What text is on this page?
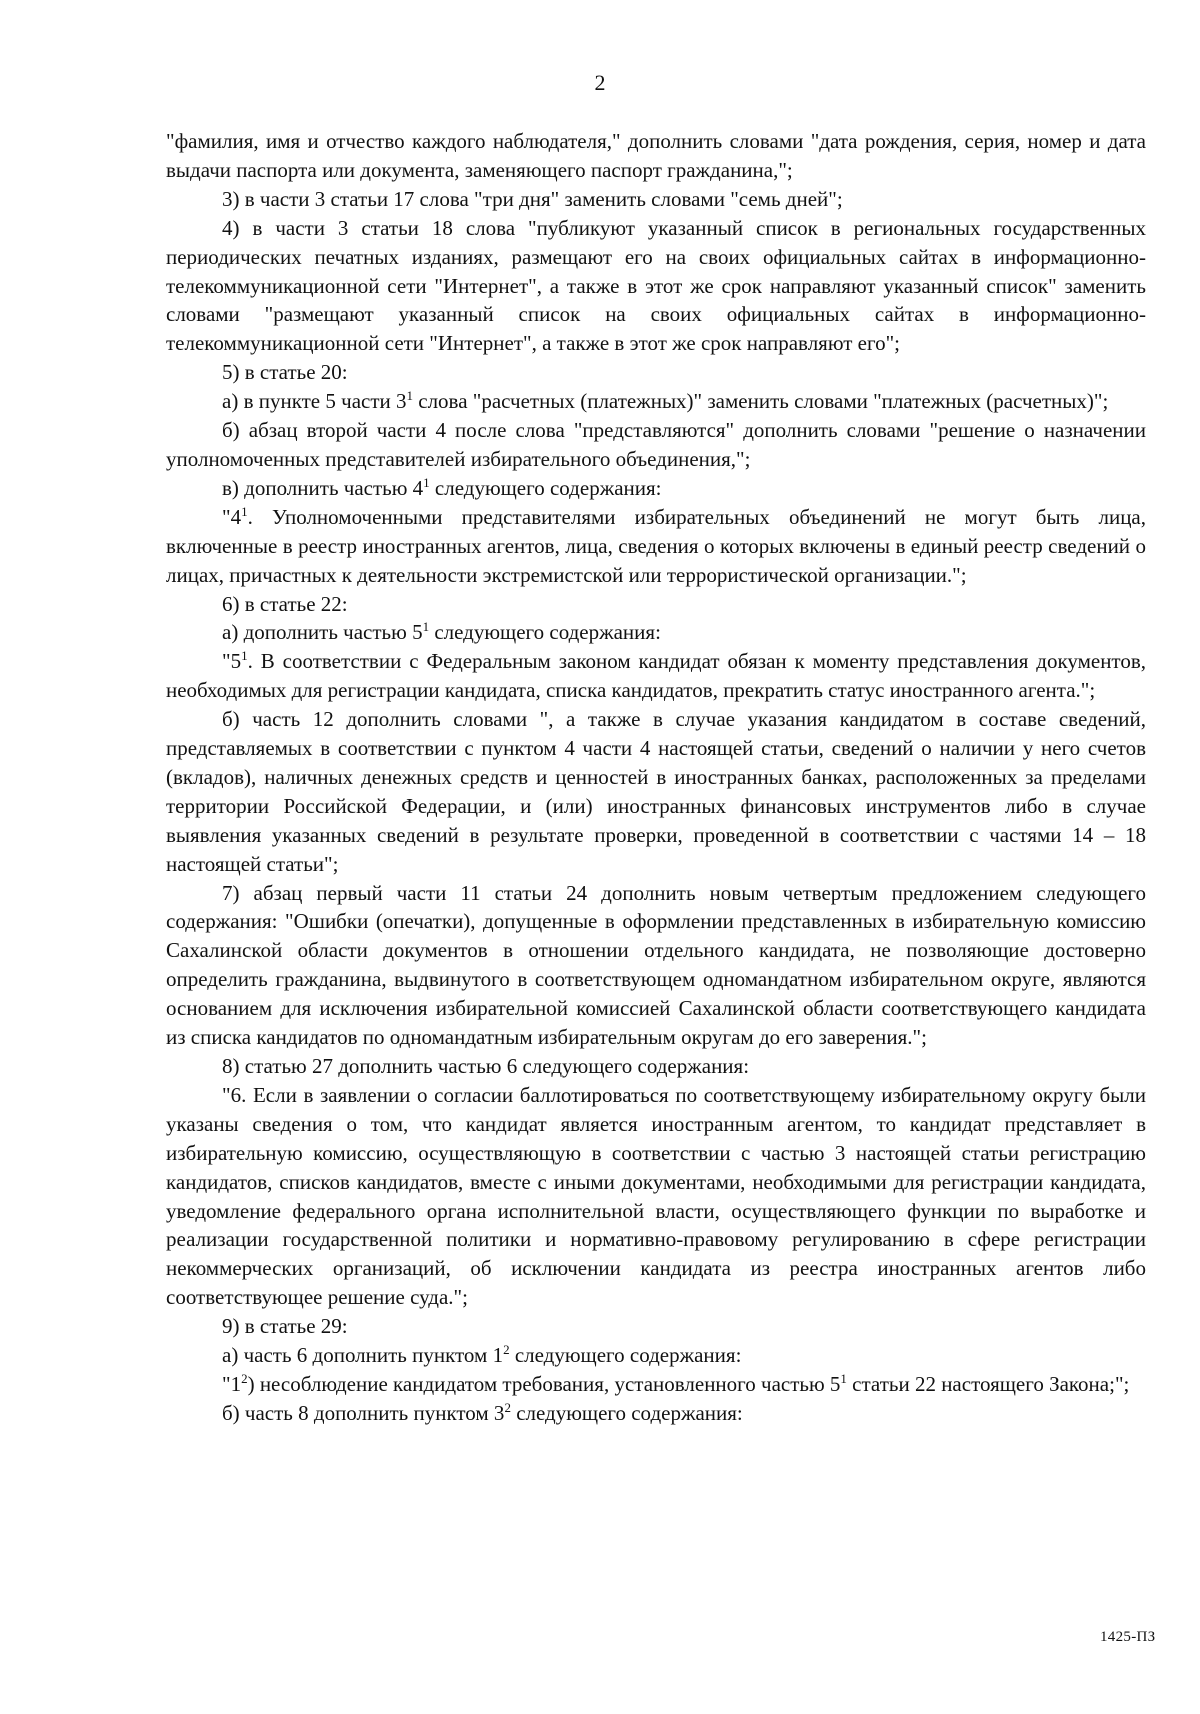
2

"фамилия, имя и отчество каждого наблюдателя," дополнить словами "дата рождения, серия, номер и дата выдачи паспорта или документа, заменяющего паспорт гражданина,";

3) в части 3 статьи 17 слова "три дня" заменить словами "семь дней";

4) в части 3 статьи 18 слова "публикуют указанный список в региональных государственных периодических печатных изданиях, размещают его на своих официальных сайтах в информационно-телекоммуникационной сети "Интернет", а также в этот же срок направляют указанный список" заменить словами "размещают указанный список на своих официальных сайтах в информационно-телекоммуникационной сети "Интернет", а также в этот же срок направляют его";

5) в статье 20:

а) в пункте 5 части $3^1$ слова "расчетных (платежных)" заменить словами "платежных (расчетных)";

б) абзац второй части 4 после слова "представляются" дополнить словами "решение о назначении уполномоченных представителей избирательного объединения,";

в) дополнить частью $4^1$ следующего содержания:

"$4^1$. Уполномоченными представителями избирательных объединений не могут быть лица, включенные в реестр иностранных агентов, лица, сведения о которых включены в единый реестр сведений о лицах, причастных к деятельности экстремистской или террористической организации.";

6) в статье 22:

а) дополнить частью $5^1$ следующего содержания:

"$5^1$. В соответствии с Федеральным законом кандидат обязан к моменту представления документов, необходимых для регистрации кандидата, списка кандидатов, прекратить статус иностранного агента.";

б) часть 12 дополнить словами ", а также в случае указания кандидатом в составе сведений, представляемых в соответствии с пунктом 4 части 4 настоящей статьи, сведений о наличии у него счетов (вкладов), наличных денежных средств и ценностей в иностранных банках, расположенных за пределами территории Российской Федерации, и (или) иностранных финансовых инструментов либо в случае выявления указанных сведений в результате проверки, проведенной в соответствии с частями 14 – 18 настоящей статьи";

7) абзац первый части 11 статьи 24 дополнить новым четвертым предложением следующего содержания: "Ошибки (опечатки), допущенные в оформлении представленных в избирательную комиссию Сахалинской области документов в отношении отдельного кандидата, не позволяющие достоверно определить гражданина, выдвинутого в соответствующем одномандатном избирательном округе, являются основанием для исключения избирательной комиссией Сахалинской области соответствующего кандидата из списка кандидатов по одномандатным избирательным округам до его заверения.";

8) статью 27 дополнить частью 6 следующего содержания:

"6. Если в заявлении о согласии баллотироваться по соответствующему избирательному округу были указаны сведения о том, что кандидат является иностранным агентом, то кандидат представляет в избирательную комиссию, осуществляющую в соответствии с частью 3 настоящей статьи регистрацию кандидатов, списков кандидатов, вместе с иными документами, необходимыми для регистрации кандидата, уведомление федерального органа исполнительной власти, осуществляющего функции по выработке и реализации государственной политики и нормативно-правовому регулированию в сфере регистрации некоммерческих организаций, об исключении кандидата из реестра иностранных агентов либо соответствующее решение суда.";

9) в статье 29:

а) часть 6 дополнить пунктом $1^2$ следующего содержания:

"$1^2$) несоблюдение кандидатом требования, установленного частью $5^1$ статьи 22 настоящего Закона;";

б) часть 8 дополнить пунктом $3^2$ следующего содержания:

1425-ПЗ
